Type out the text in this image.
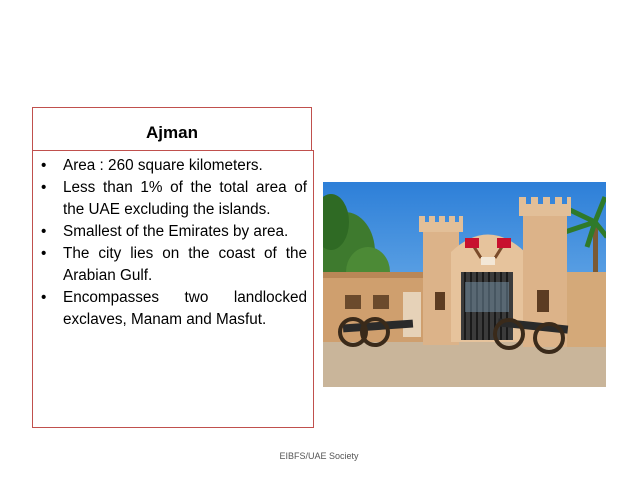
Ajman
• Area : 260 square kilometers.
• Less than 1% of the total area of the UAE excluding the islands.
• Smallest of the Emirates by area.
• The city lies on the coast of the Arabian Gulf.
• Encompasses two landlocked exclaves, Manam and Masfut.
EIBFS/UAE Society
